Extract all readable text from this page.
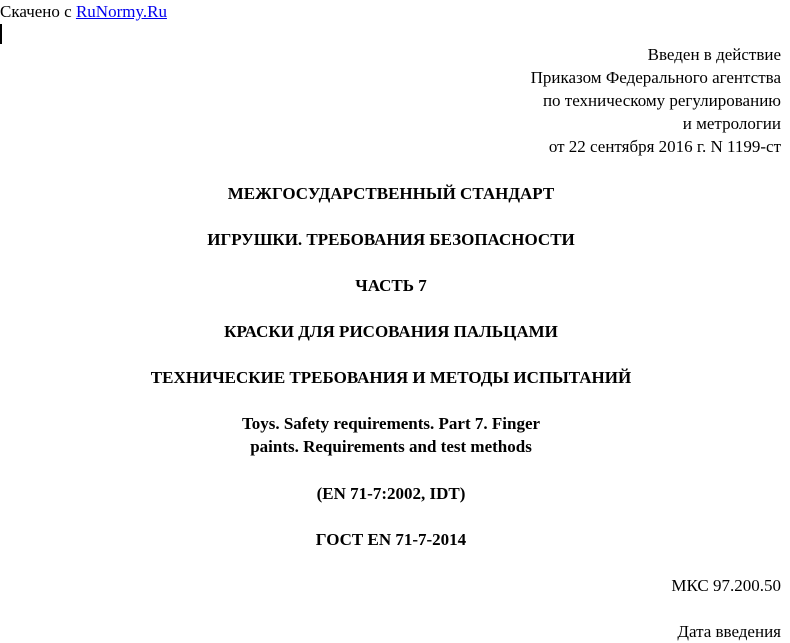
Скачено с RuNormy.Ru
Введен в действие
Приказом Федерального агентства
по техническому регулированию
и метрологии
от 22 сентября 2016 г. N 1199-ст
МЕЖГОСУДАРСТВЕННЫЙ СТАНДАРТ
ИГРУШКИ. ТРЕБОВАНИЯ БЕЗОПАСНОСТИ
ЧАСТЬ 7
КРАСКИ ДЛЯ РИСОВАНИЯ ПАЛЬЦАМИ
ТЕХНИЧЕСКИЕ ТРЕБОВАНИЯ И МЕТОДЫ ИСПЫТАНИЙ
Toys. Safety requirements. Part 7. Finger
paints. Requirements and test methods
(EN 71-7:2002, IDT)
ГОСТ EN 71-7-2014
МКС 97.200.50
Дата введения
